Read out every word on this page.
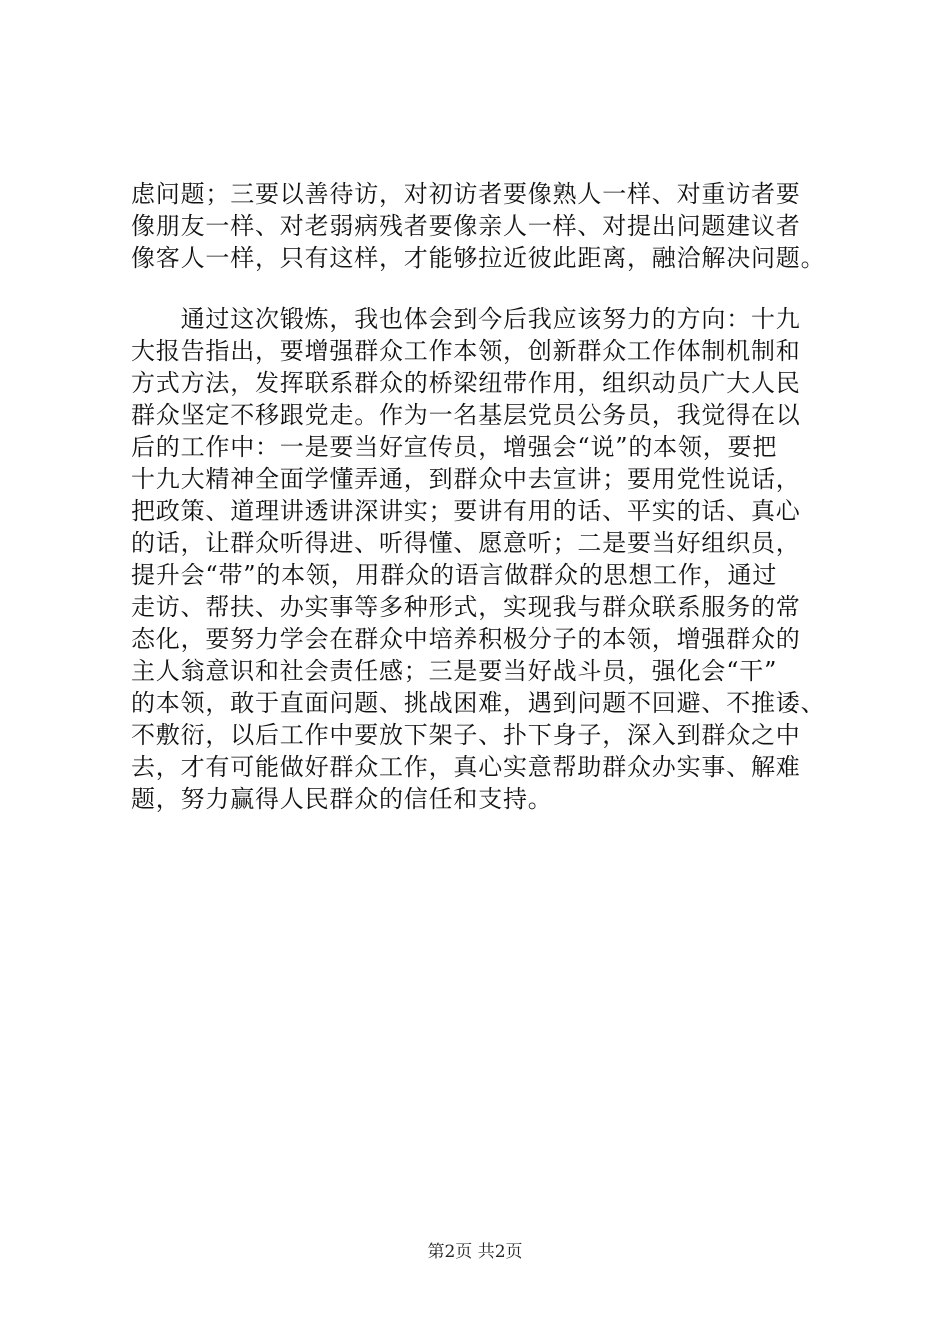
虑问题；三要以善待访，对初访者要像熟人一样、对重访者要
像朋友一样、对老弱病残者要像亲人一样、对提出问题建议者
像客人一样，只有这样，才能够拉近彼此距离，融洽解决问题。
　　通过这次锻炼，我也体会到今后我应该努力的方向：十九
大报告指出，要增强群众工作本领，创新群众工作体制机制和
方式方法，发挥联系群众的桥梁纽带作用，组织动员广大人民
群众坚定不移跟党走。作为一名基层党员公务员，我觉得在以
后的工作中：一是要当好宣传员，增强会“说”的本领，要把
十九大精神全面学懂弄通，到群众中去宣讲；要用党性说话，
把政策、道理讲透讲深讲实；要讲有用的话、平实的话、真心
的话，让群众听得进、听得懂、愿意听；二是要当好组织员，
提升会“带”的本领，用群众的语言做群众的思想工作，通过
走访、帮扶、办实事等多种形式，实现我与群众联系服务的常
态化，要努力学会在群众中培养积极分子的本领，增强群众的
主人翁意识和社会责任感；三是要当好战斗员，强化会“干”
的本领，敢于直面问题、挑战困难，遇到问题不回避、不推诿、
不敷衍，以后工作中要放下架子、扑下身子，深入到群众之中
去，才有可能做好群众工作，真心实意帮助群众办实事、解难
题，努力赢得人民群众的信任和支持。
第2页 共2页
